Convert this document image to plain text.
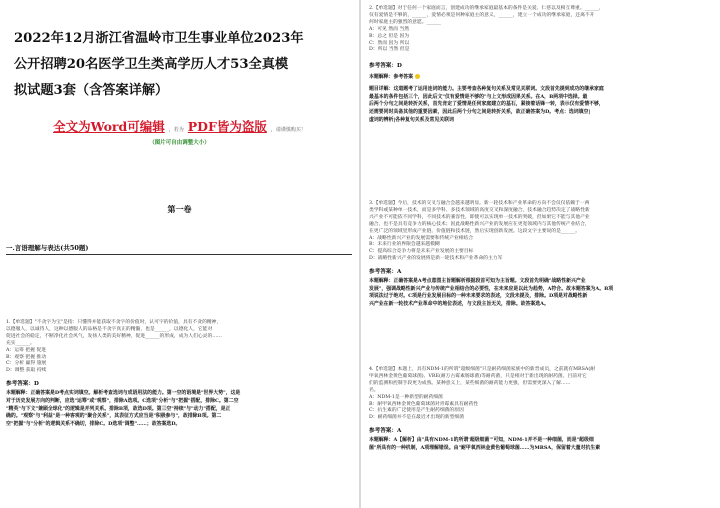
2022年12月浙江省温岭市卫生事业单位2023年
公开招聘20名医学卫生类高学历人才53全真模
拟试题3套（含答案详解）
全文为Word可编辑 ，若为 PDF皆为盗版 ，请谨慎购买！
（图片可自由调整大小）
第一卷
一.言语理解与表达(共50题)
1.【单选题】"不贪字为宝"是指：只懂得并能获取不贪字的价值时，认可字的价值，具有不贪的精神，
以德服人，以诚待人，这种以德服人的品格是不贪字真正的精髓，也是______，以德化人，它能对
促进社会的稳定，不断净化社会风气，发扬人类的美好精神，促进______的形成，成为人们心灵的……
充实______。
A：运筹 把握 促进
B：观察 把握 推动
C：分析 赢得 施展
D：调整 获取 持续
参考答案：D
本题解释：正确答案是D考点实词填空。解析考查选词与成语用法的能力。第一空的语境是"世界大势"，这是
对于历史发展方向的判断，应选"运筹"或"观察"，排除A选项。C选项"分析"与"把握"搭配，排除C。第二空
"精英"与下文"兼顾全球化"的逻辑是并列关系。排除B项，故选D项。第三空"持续"与"动力"搭配，是正
确的。"观察"与"利益"是一种客观的"聚合关系"，其表征方式应当是"积极参与"，故排除B项。第二
空"把握"与"分析"的逻辑关系不确切，排除C。D选项"调整"……；故答案选D。
2.【单选题】对于任何一个家庭而言，创建成功的继承家庭最基本的条件是关爱、仁慈以及相互尊重。______，
仅有爱情是不够的，______，爱情必须是何种家庭主的意义，______，建立一个成功的继承家庭，还离不开
何时家庭主的强烈的意愿。______
A：可见 然而 当然
B：总之 但是 因为
C：然而 因为 所以
D：所以 当然 但是
参考答案：D
本题解释：参考答案
题目详解：这道题考了运用连词的能力。主要考查各种复句关系及常见关联词。文段首先提到成功的继承家庭
最基本的条件包括三个，因此后文"仅有爱情是不够的"与上文形成因果关系。在A，B两项中选择。最
后两个分句之间是转折关系，首先肯定了爱情是任何家庭建立的基石，紧接着话锋一转，表示仅有爱情不够，
还需要同时具备其他的重要因素，因此后两个分句之间是转折关系，故正确答案为D。考点：选词填空|
虚词的辨析|各种复句关系及常见关联词
3.【单选题】今后，技术的交叉与融合会越来越明显。新一轮技术和产业革命的方向不会仅仅依赖于一两
类学科或某种单一技术，而是多学科、多技术领域的高度交叉和深度融合，技术融合趋势决定了战略性新
兴产业不可能依不同学科，不同技术的兼容性，即使可以实现单一技术的突破，但如果它不能与其他产业
融合，也不是具有竞争力的核心技术；因此战略性新兴产业的发展应在更宽领域内与其他传统产业结合，
在更广泛的领域里形成产业链、价值链和技术链，然后实现创新发展。这段文字主要说的是______。
A：战略性新兴产业的发展需要和传统产业相结合
B：未来行业的界限会越来越模糊
C：提高综合竞争力将是未来产业发展的主要目标
D：战略性新兴产业的发展将是新一轮技术和产业革命的主力军
参考答案：A
本题解释：正确答案是A考点意图主旨题解析根据段首可知为主旨题。文段首先明确"战略性新兴产业
发展"，强调战略性新兴产业与传统产业相结合的必要性，在未来应是以此为趋势，A符合。故本题答案为A。B项
项说法过于绝对。C项是行业发展目标的一种未来要求的表述，文段未提及，排除。D项是对战略性新
兴产业在新一轮技术产业革命中的地位表述，与文段主旨无关，排除。故答案选A。
4.【单选题】本题上，具有NDM-1的所谓"超级细菌"只是耐药细菌家族中的新晋成员，之前就有MRSA(耐
甲氧西林金黄色葡萄球菌)、VRE(耐万古霉素肠球菌)等耐药菌，只是相对于新出现的耐药菌，目前对它
们的监测和控制手段更为成熟。某种意义上，某些细菌的耐药能力更强，但需要更深入了解……
名。
A：NDM-1是一种新型的耐药细菌
B：耐甲氧西林金黄色葡萄球菌对青霉素具有耐药性
C：抗生素的广泛使用是产生耐药细菌的原因
D：耐药细菌并不是在最近才出现的新型细菌
参考答案：A
本题解释：A【解析】由"具有NDM-1的所谓'超级细菌'"可知，NDM-1并不是一种细菌，而是"超级细
菌"所具有的一种机制，A项理解错误。由"耐甲氧西林金黄色葡萄球菌……为MRSA，保留着大量对抗生素
